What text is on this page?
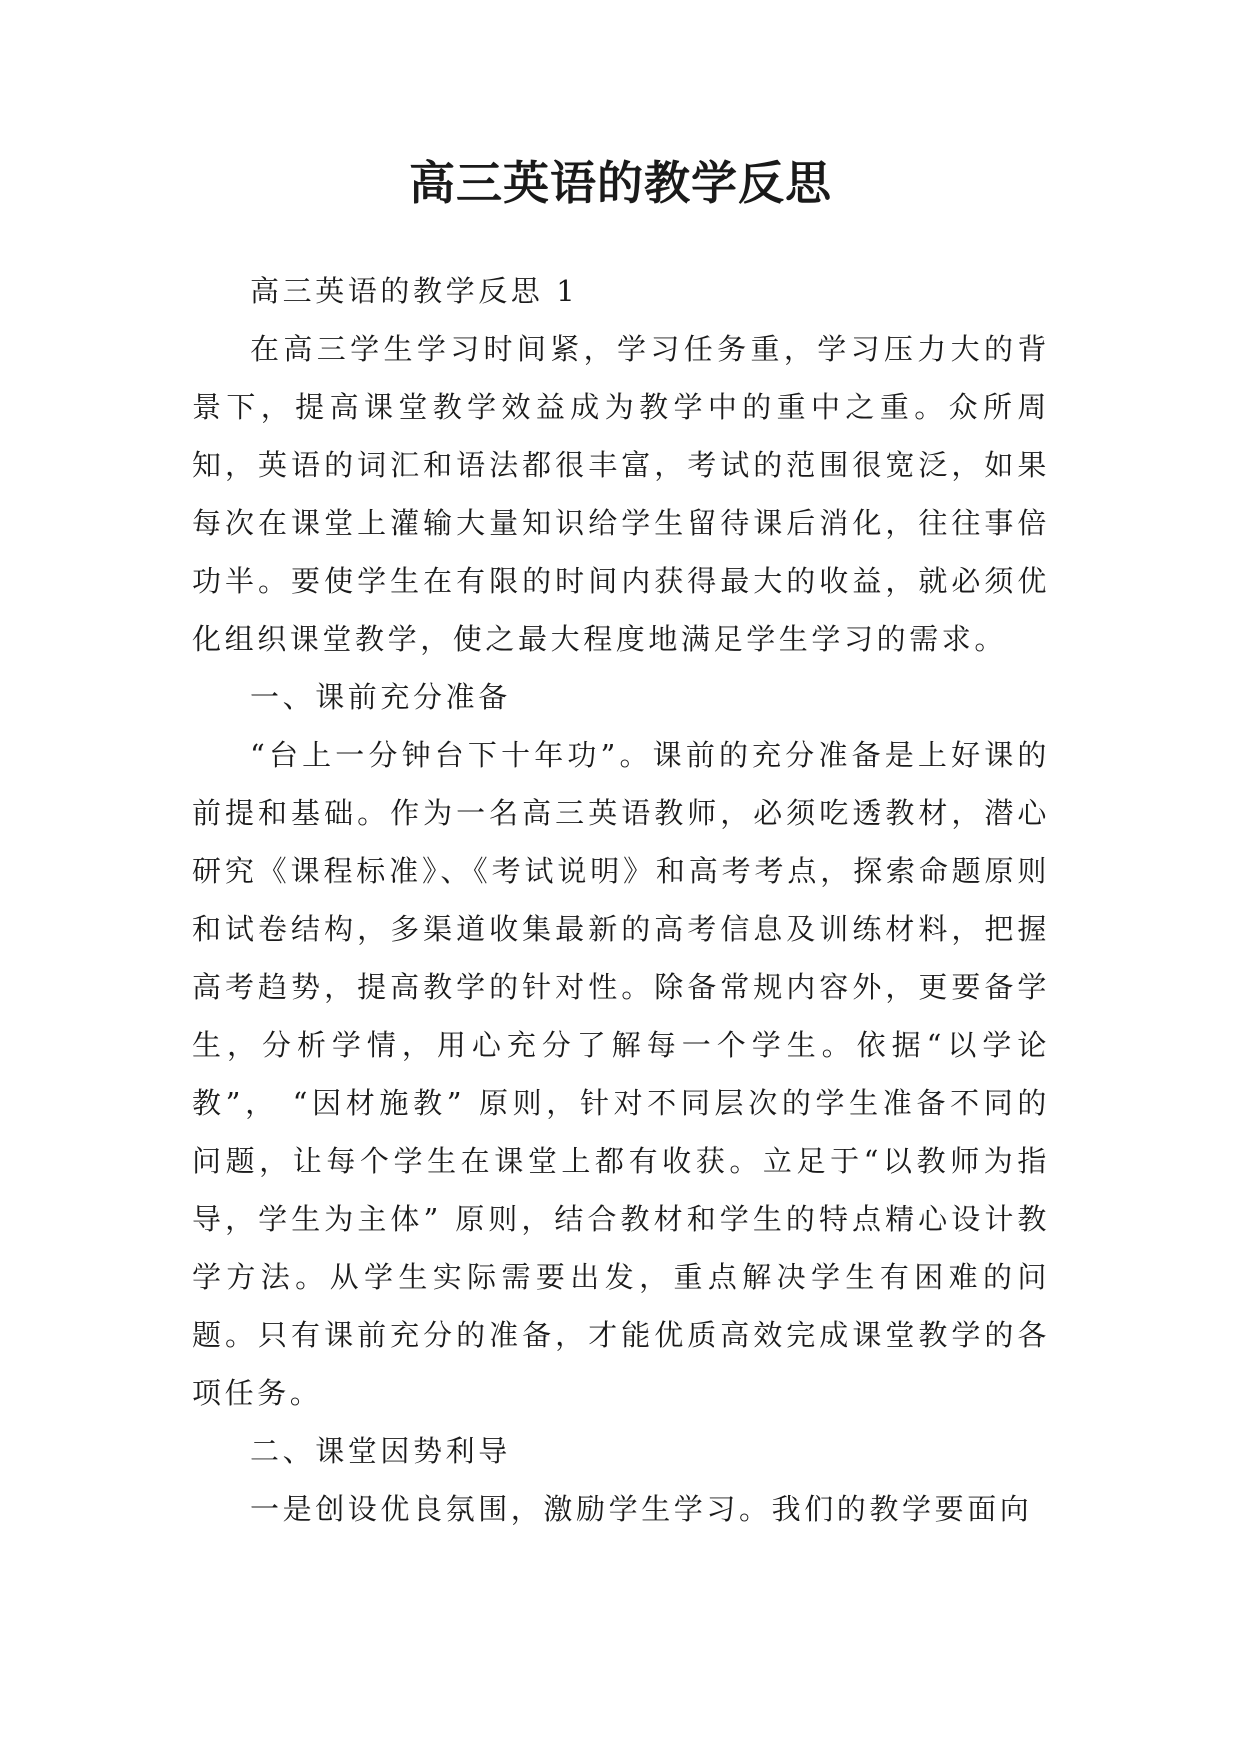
高三英语的教学反思

高三英语的教学反思 1

在高三学生学习时间紧，学习任务重，学习压力大的背景下，提高课堂教学效益成为教学中的重中之重。众所周知，英语的词汇和语法都很丰富，考试的范围很宽泛，如果每次在课堂上灌输大量知识给学生留待课后消化，往往事倍功半。要使学生在有限的时间内获得最大的收益，就必须优化组织课堂教学，使之最大程度地满足学生学习的需求。

一、课前充分准备

“台上一分钟台下十年功”。课前的充分准备是上好课的前提和基础。作为一名高三英语教师，必须吃透教材，潜心研究《课程标准》、《考试说明》和高考考点，探索命题原则和试卷结构，多渠道收集最新的高考信息及训练材料，把握高考趋势，提高教学的针对性。除备常规内容外，更要备学生，分析学情，用心充分了解每一个学生。依据“以学论教”， “因材施教” 原则，针对不同层次的学生准备不同的问题，让每个学生在课堂上都有收获。立足于“以教师为指导，学生为主体” 原则，结合教材和学生的特点精心设计教学方法。从学生实际需要出发，重点解决学生有困难的问题。只有课前充分的准备，才能优质高效完成课堂教学的各项任务。

二、课堂因势利导

一是创设优良氛围，激励学生学习。我们的教学要面向
